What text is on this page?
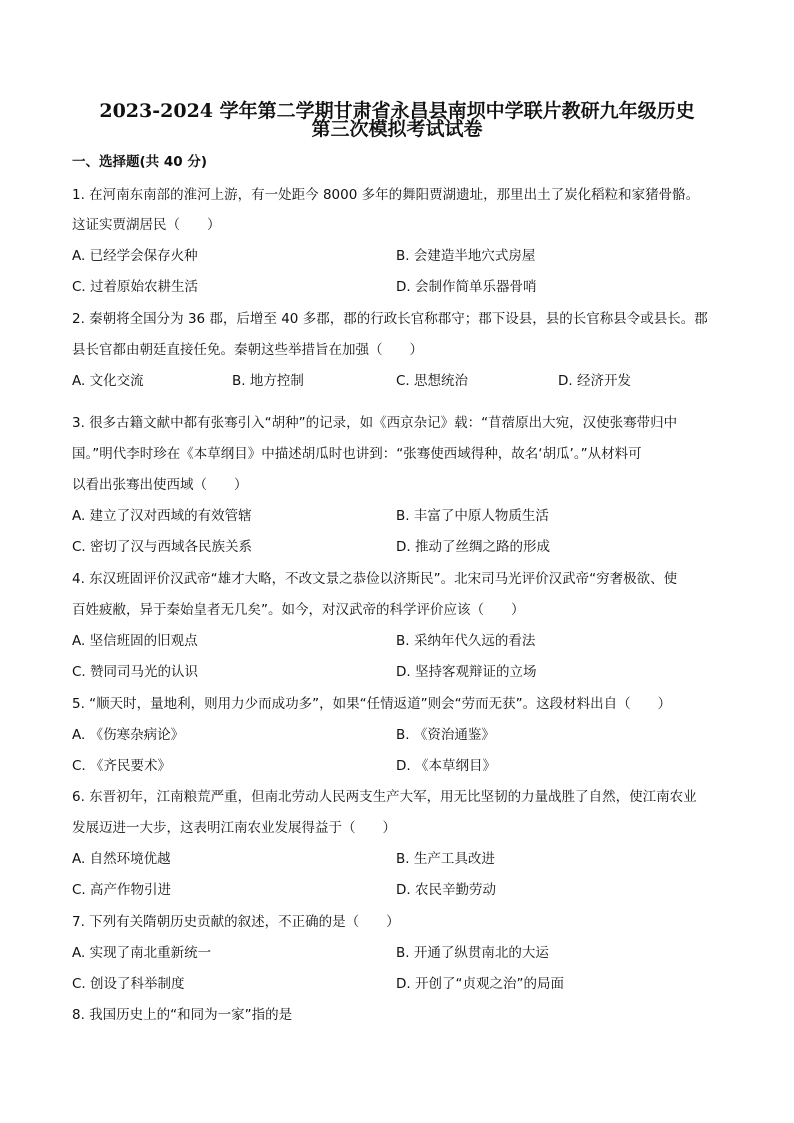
2023-2024 学年第二学期甘肃省永昌县南坝中学联片教研九年级历史
第三次模拟考试试卷
一、选择题(共 40 分)
1. 在河南东南部的淮河上游，有一处距今 8000 多年的舞阳贾湖遗址，那里出土了炭化稻粒和家猪骨骼。
这证实贾湖居民（　　）
A. 已经学会保存火种	B. 会建造半地穴式房屋
C. 过着原始农耕生活	D. 会制作简单乐器骨哨
2. 秦朝将全国分为 36 郡，后增至 40 多郡，郡的行政长官称郡守；郡下设县，县的长官称县令或县长。郡
县长官都由朝廷直接任免。秦朝这些举措旨在加强（　　）
A. 文化交流	B. 地方控制	C. 思想统治	D. 经济开发
3. 很多古籍文献中都有张骞引入“胡种”的记录，如《西京杂记》载：“苜蓿原出大宛，汉使张骞带归中
国。”明代李时珍在《本草纲目》中描述胡瓜时也讲到：“张骞使西域得种，故名‘胡瓜’。”从材料可
以看出张骞出使西域（　　）
A. 建立了汉对西域的有效管辖	B. 丰富了中原人物质生活
C. 密切了汉与西域各民族关系	D. 推动了丝绸之路的形成
4. 东汉班固评价汉武帝“雄才大略，不改文景之恭俭以济斯民”。北宋司马光评价汉武帝“穷奢极欲、使
百姓疲敝，异于秦始皇者无几矣”。如今，对汉武帝的科学评价应该（　　）
A. 坚信班固的旧观点	B. 采纳年代久远的看法
C. 赞同司马光的认识	D. 坚持客观辩证的立场
5. “顺天时，量地利，则用力少而成功多”，如果“任情返道”则会“劳而无获”。这段材料出自（　　）
A. 《伤寒杂病论》	B. 《资治通鉴》
C. 《齐民要术》	D. 《本草纲目》
6. 东晋初年，江南粮荒严重，但南北劳动人民两支生产大军，用无比坚韧的力量战胜了自然，使江南农业
发展迈进一大步，这表明江南农业发展得益于（　　）
A. 自然环境优越	B. 生产工具改进
C. 高产作物引进	D. 农民辛勤劳动
7. 下列有关隋朝历史贡献的叙述，不正确的是（　　）
A. 实现了南北重新统一	B. 开通了纵贯南北的大运
C. 创设了科举制度	D. 开创了“贞观之治”的局面
8. 我国历史上的“和同为一家”指的是
